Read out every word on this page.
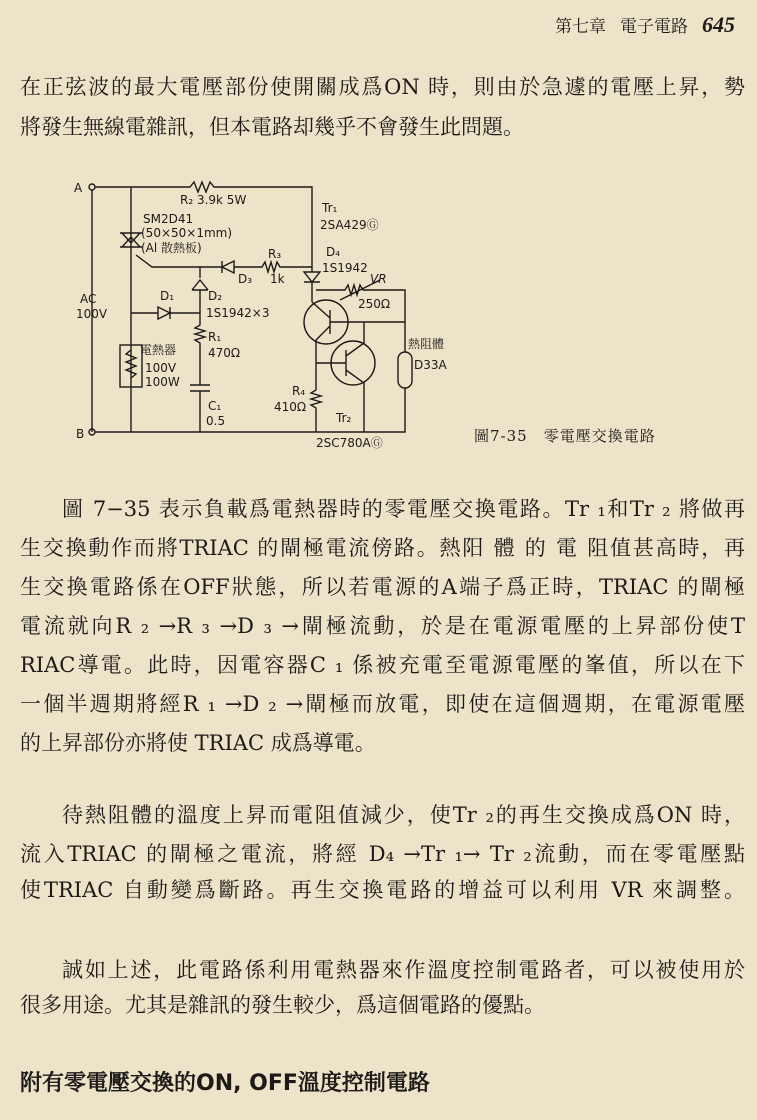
第七章 電子電路 645
在正弦波的最大電壓部份使開關成爲ON 時，則由於急遽的電壓上昇，勢
將發生無線電雜訊，但本電路却幾乎不會發生此問題。
A
B
AC
100V
R₂ 3.9k 5W
SM2D41
(50×50×1mm)
(Al 散熱板)
Tr₁
2SA429Ⓖ
R₃
1k
D₃
D₄
1S1942
VR
250Ω
D₁	D₂
1S1942×3
R₁
470Ω
電熱器
100V
100W
C₁
0.5
R₄
410Ω
Tr₂
2SC780AⒼ
熱阻體
D33A
圖7-35　零電壓交換電路
圖 7−35 表示負載爲電熱器時的零電壓交換電路。Tr ₁和Tr ₂ 將做再
生交換動作而將TRIAC 的閘極電流傍路。熱阳 體 的 電 阻值甚高時，再
生交換電路係在OFF狀態，所以若電源的A端子爲正時，TRIAC 的閘極
電流就向R ₂ →R ₃ →D ₃ →閘極流動，於是在電源電壓的上昇部份使T
RIAC導電。此時，因電容器C ₁ 係被充電至電源電壓的峯值，所以在下
一個半週期將經R ₁ →D ₂ →閘極而放電，即使在這個週期，在電源電壓
的上昇部份亦將使 TRIAC 成爲導電。
待熱阻體的溫度上昇而電阻值減少，使Tr ₂的再生交換成爲ON 時，
流入TRIAC 的閘極之電流，將經 D₄ →Tr ₁→ Tr ₂流動，而在零電壓點
使TRIAC 自動變爲斷路。再生交換電路的增益可以利用 VR 來調整。
誠如上述，此電路係利用電熱器來作溫度控制電路者，可以被使用於
很多用途。尤其是雜訊的發生較少，爲這個電路的優點。
附有零電壓交換的ON, OFF溫度控制電路
